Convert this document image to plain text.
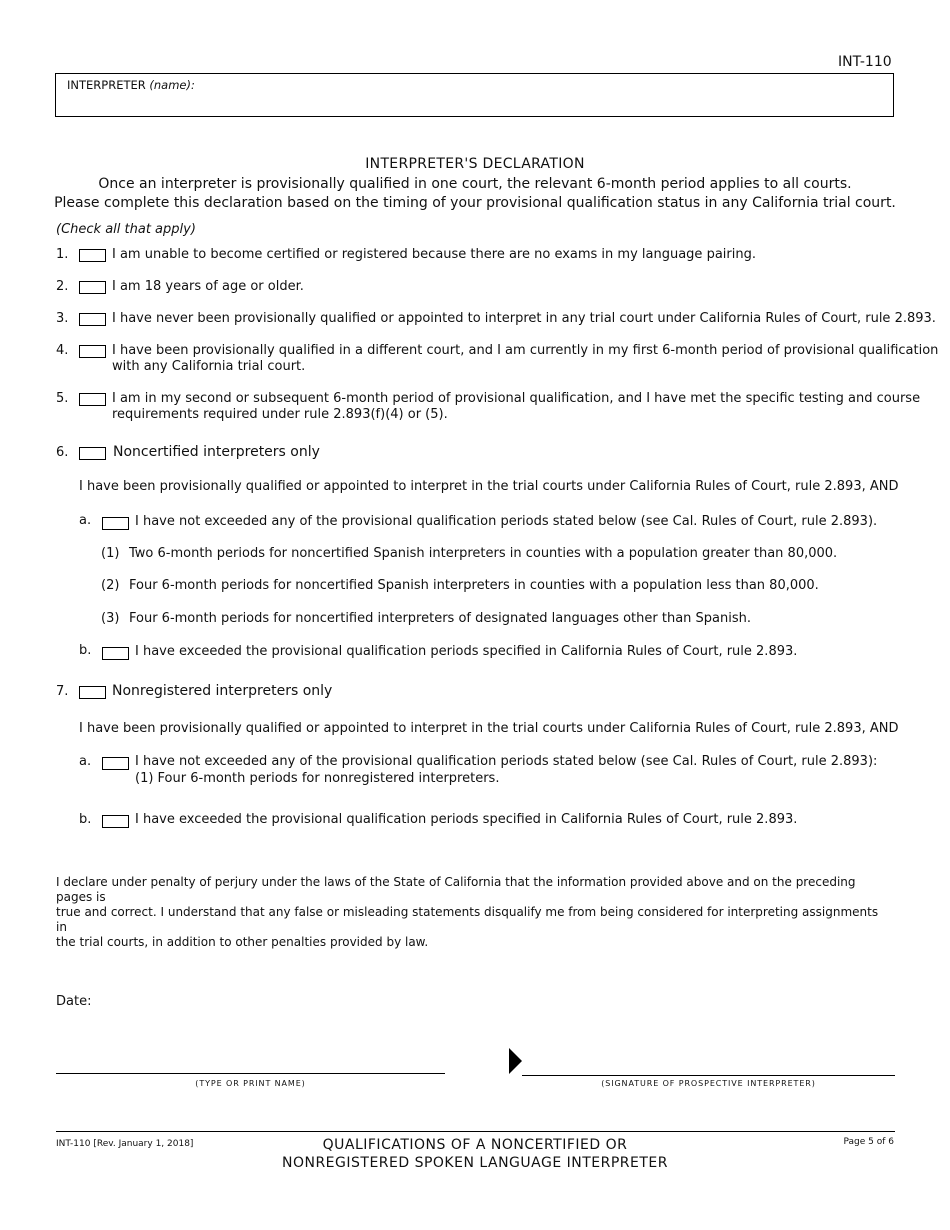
INT-110
INTERPRETER (name):
INTERPRETER'S DECLARATION
Once an interpreter is provisionally qualified in one court, the relevant 6-month period applies to all courts.
Please complete this declaration based on the timing of your provisional qualification status in any California trial court.
(Check all that apply)
1.	I am unable to become certified or registered because there are no exams in my language pairing.
2.	I am 18 years of age or older.
3.	I have never been provisionally qualified or appointed to interpret in any trial court under California Rules of Court, rule 2.893.
4.	I have been provisionally qualified in a different court, and I am currently in my first 6-month period of provisional qualification
with any California trial court.
5.	I am in my second or subsequent 6-month period of provisional qualification, and I have met the specific testing and course
requirements required under rule 2.893(f)(4) or (5).
6.	Noncertified interpreters only
I have been provisionally qualified or appointed to interpret in the trial courts under California Rules of Court, rule 2.893, AND
a.	I have not exceeded any of the provisional qualification periods stated below (see Cal. Rules of Court, rule 2.893).
(1) Two 6-month periods for noncertified Spanish interpreters in counties with a population greater than 80,000.
(2) Four 6-month periods for noncertified Spanish interpreters in counties with a population less than 80,000.
(3) Four 6-month periods for noncertified interpreters of designated languages other than Spanish.
b.	I have exceeded the provisional qualification periods specified in California Rules of Court, rule 2.893.
7.	Nonregistered interpreters only
I have been provisionally qualified or appointed to interpret in the trial courts under California Rules of Court, rule 2.893, AND
a.	I have not exceeded any of the provisional qualification periods stated below (see Cal. Rules of Court, rule 2.893):
(1) Four 6-month periods for nonregistered interpreters.
b.	I have exceeded the provisional qualification periods specified in California Rules of Court, rule 2.893.
I declare under penalty of perjury under the laws of the State of California that the information provided above and on the preceding pages is
true and correct. I understand that any false or misleading statements disqualify me from being considered for interpreting assignments in
the trial courts, in addition to other penalties provided by law.
Date:
(TYPE OR PRINT NAME)	(SIGNATURE OF PROSPECTIVE INTERPRETER)
INT-110 [Rev. January 1, 2018]	QUALIFICATIONS OF A NONCERTIFIED OR
NONREGISTERED SPOKEN LANGUAGE INTERPRETER
Page 5 of 6
